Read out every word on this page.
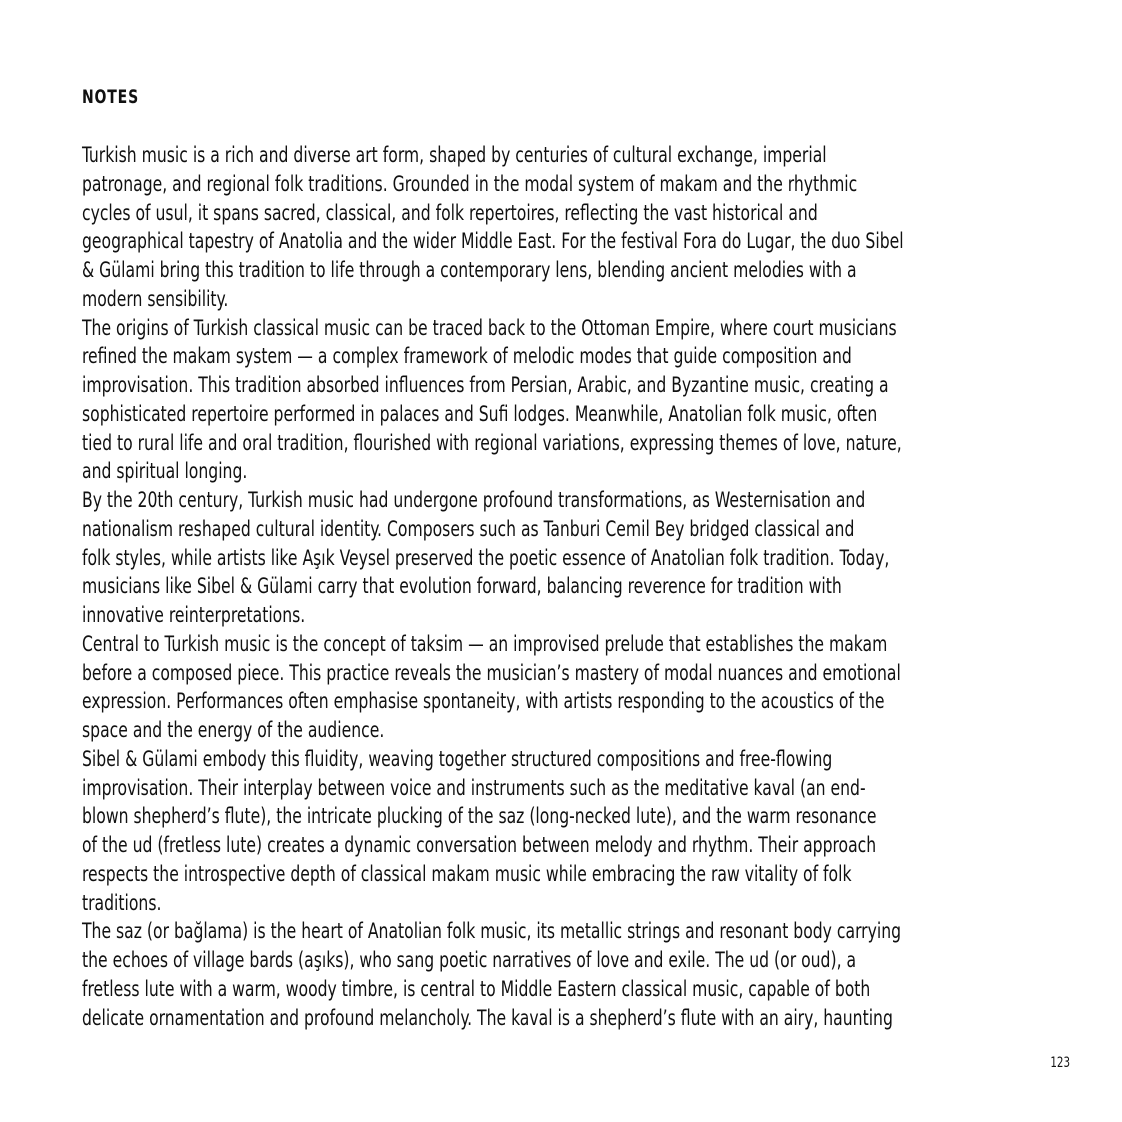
NOTES
Turkish music is a rich and diverse art form, shaped by centuries of cultural exchange, imperial
patronage, and regional folk traditions. Grounded in the modal system of makam and the rhythmic
cycles of usul, it spans sacred, classical, and folk repertoires, reflecting the vast historical and
geographical tapestry of Anatolia and the wider Middle East. For the festival Fora do Lugar, the duo Sibel
& Gülami bring this tradition to life through a contemporary lens, blending ancient melodies with a
modern sensibility.
The origins of Turkish classical music can be traced back to the Ottoman Empire, where court musicians
refined the makam system — a complex framework of melodic modes that guide composition and
improvisation. This tradition absorbed influences from Persian, Arabic, and Byzantine music, creating a
sophisticated repertoire performed in palaces and Sufi lodges. Meanwhile, Anatolian folk music, often
tied to rural life and oral tradition, flourished with regional variations, expressing themes of love, nature,
and spiritual longing.
By the 20th century, Turkish music had undergone profound transformations, as Westernisation and
nationalism reshaped cultural identity. Composers such as Tanburi Cemil Bey bridged classical and
folk styles, while artists like Aşık Veysel preserved the poetic essence of Anatolian folk tradition. Today,
musicians like Sibel & Gülami carry that evolution forward, balancing reverence for tradition with
innovative reinterpretations.
Central to Turkish music is the concept of taksim — an improvised prelude that establishes the makam
before a composed piece. This practice reveals the musician’s mastery of modal nuances and emotional
expression. Performances often emphasise spontaneity, with artists responding to the acoustics of the
space and the energy of the audience.
Sibel & Gülami embody this fluidity, weaving together structured compositions and free-flowing
improvisation. Their interplay between voice and instruments such as the meditative kaval (an end-
blown shepherd’s flute), the intricate plucking of the saz (long-necked lute), and the warm resonance
of the ud (fretless lute) creates a dynamic conversation between melody and rhythm. Their approach
respects the introspective depth of classical makam music while embracing the raw vitality of folk
traditions.
The saz (or bağlama) is the heart of Anatolian folk music, its metallic strings and resonant body carrying
the echoes of village bards (aşıks), who sang poetic narratives of love and exile. The ud (or oud), a
fretless lute with a warm, woody timbre, is central to Middle Eastern classical music, capable of both
delicate ornamentation and profound melancholy. The kaval is a shepherd’s flute with an airy, haunting
123
